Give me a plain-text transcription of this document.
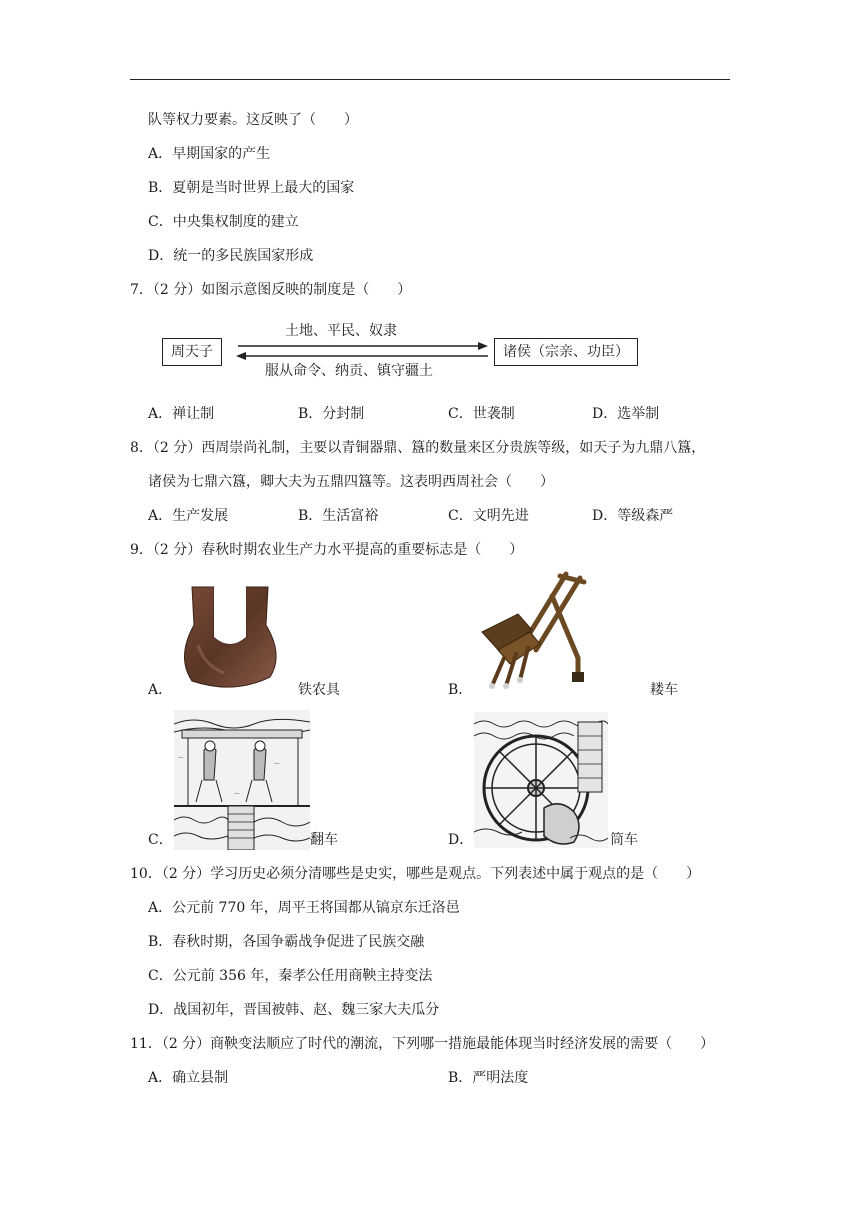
队等权力要素。这反映了（　　）
A．早期国家的产生
B．夏朝是当时世界上最大的国家
C．中央集权制度的建立
D．统一的多民族国家形成
7．（2 分）如图示意图反映的制度是（　　）
周天子	诸侯（宗亲、功臣）
土地、平民、奴隶
服从命令、纳贡、镇守疆土
A．禅让制	B．分封制	C．世袭制	D．选举制
8．（2 分）西周崇尚礼制，主要以青铜器鼎、簋的数量来区分贵族等级，如天子为九鼎八簋，
诸侯为七鼎六簋，卿大夫为五鼎四簋等。这表明西周社会（　　）
A．生产发展	B．生活富裕	C．文明先进	D．等级森严
9．（2 分）春秋时期农业生产力水平提高的重要标志是（　　）
A．	铁农具	B．	耧车
C．
～
～
～
翻车	D．	筒车
10．（2 分）学习历史必须分清哪些是史实，哪些是观点。下列表述中属于观点的是（　　）
A．公元前 770 年，周平王将国都从镐京东迁洛邑
B．春秋时期，各国争霸战争促进了民族交融
C．公元前 356 年，秦孝公任用商鞅主持变法
D．战国初年，晋国被韩、赵、魏三家大夫瓜分
11．（2 分）商鞅变法顺应了时代的潮流，下列哪一措施最能体现当时经济发展的需要（　　）
A．确立县制	B．严明法度
